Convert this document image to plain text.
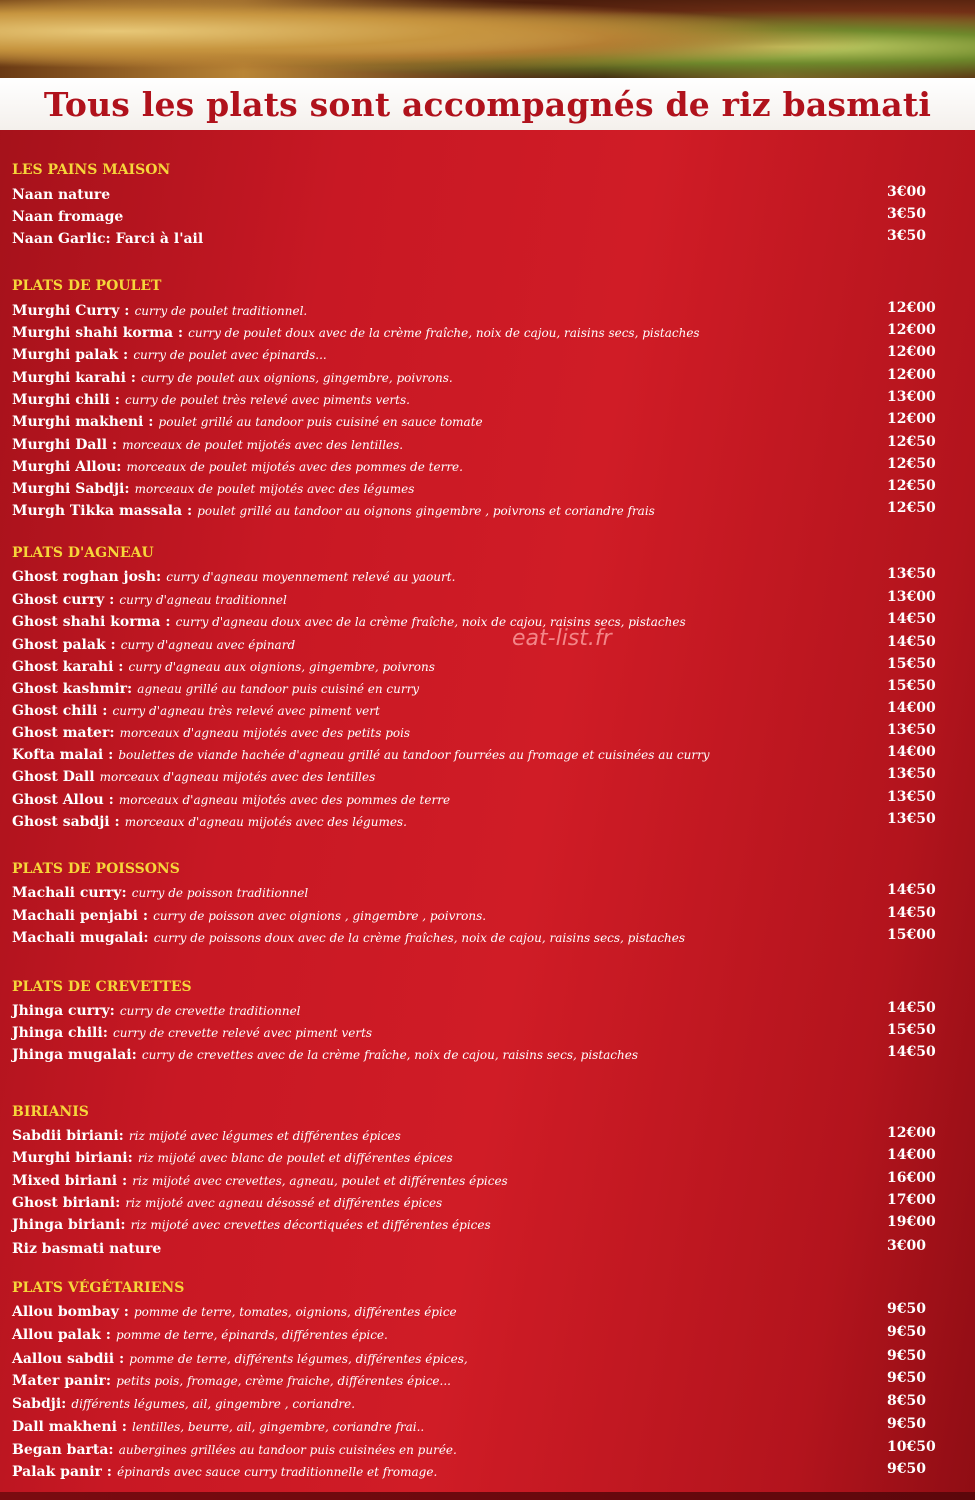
Tous les plats sont accompagnés de riz basmati
eat-list.fr
LES PAINS MAISON
Naan nature	3€00
Naan fromage	3€50
Naan Garlic: Farci à l'ail	3€50
PLATS DE POULET
Murghi Curry : curry de poulet traditionnel.	12€00
Murghi shahi korma : curry de poulet doux avec de la crème fraîche, noix de cajou, raisins secs, pistaches	12€00
Murghi palak : curry de poulet avec épinards...	12€00
Murghi karahi : curry de poulet aux oignions, gingembre, poivrons.	12€00
Murghi chili : curry de poulet très relevé avec piments verts.	13€00
Murghi makheni : poulet grillé au tandoor puis cuisiné en sauce tomate	12€00
Murghi Dall : morceaux de poulet mijotés avec des lentilles.	12€50
Murghi Allou: morceaux de poulet mijotés avec des pommes de terre.	12€50
Murghi Sabdji: morceaux de poulet mijotés avec des légumes	12€50
Murgh Tikka massala : poulet grillé au tandoor au oignons gingembre , poivrons et coriandre frais	12€50
PLATS D'AGNEAU
Ghost roghan josh: curry d'agneau moyennement relevé au yaourt.	13€50
Ghost curry : curry d'agneau traditionnel	13€00
Ghost shahi korma : curry d'agneau doux avec de la crème fraîche, noix de cajou, raisins secs, pistaches	14€50
Ghost palak : curry d'agneau avec épinard	14€50
Ghost karahi : curry d'agneau aux oignions, gingembre, poivrons	15€50
Ghost kashmir: agneau grillé au tandoor puis cuisiné en curry	15€50
Ghost chili : curry d'agneau très relevé avec piment vert	14€00
Ghost mater: morceaux d'agneau mijotés avec des petits pois	13€50
Kofta malai : boulettes de viande hachée d'agneau grillé au tandoor fourrées au fromage et cuisinées au curry	14€00
Ghost Dall morceaux d'agneau mijotés avec des lentilles	13€50
Ghost Allou : morceaux d'agneau mijotés avec des pommes de terre	13€50
Ghost sabdji : morceaux d'agneau mijotés avec des légumes.	13€50
PLATS DE POISSONS
Machali curry: curry de poisson traditionnel	14€50
Machali penjabi : curry de poisson avec oignions , gingembre , poivrons.	14€50
Machali mugalai: curry de poissons doux avec de la crème fraîches, noix de cajou, raisins secs, pistaches	15€00
PLATS DE CREVETTES
Jhinga curry: curry de crevette traditionnel	14€50
Jhinga chili: curry de crevette relevé avec piment verts	15€50
Jhinga mugalai: curry de crevettes avec de la crème fraîche, noix de cajou, raisins secs, pistaches	14€50
BIRIANIS
Sabdii biriani: riz mijoté avec légumes et différentes épices	12€00
Murghi biriani: riz mijoté avec blanc de poulet et différentes épices	14€00
Mixed biriani : riz mijoté avec crevettes, agneau, poulet et différentes épices	16€00
Ghost biriani: riz mijoté avec agneau désossé et différentes épices	17€00
Jhinga biriani: riz mijoté avec crevettes décortiquées et différentes épices	19€00
Riz basmati nature	3€00
PLATS VÉGÉTARIENS
Allou bombay : pomme de terre, tomates, oignions, différentes épice	9€50
Allou palak : pomme de terre, épinards, différentes épice.	9€50
Aallou sabdii : pomme de terre, différents légumes, différentes épices,	9€50
Mater panir: petits pois, fromage, crème fraiche, différentes épice...	9€50
Sabdji: différents légumes, ail, gingembre , coriandre.	8€50
Dall makheni : lentilles, beurre, ail, gingembre, coriandre frai..	9€50
Began barta: aubergines grillées au tandoor puis cuisinées en purée.	10€50
Palak panir : épinards avec sauce curry traditionnelle et fromage.	9€50
